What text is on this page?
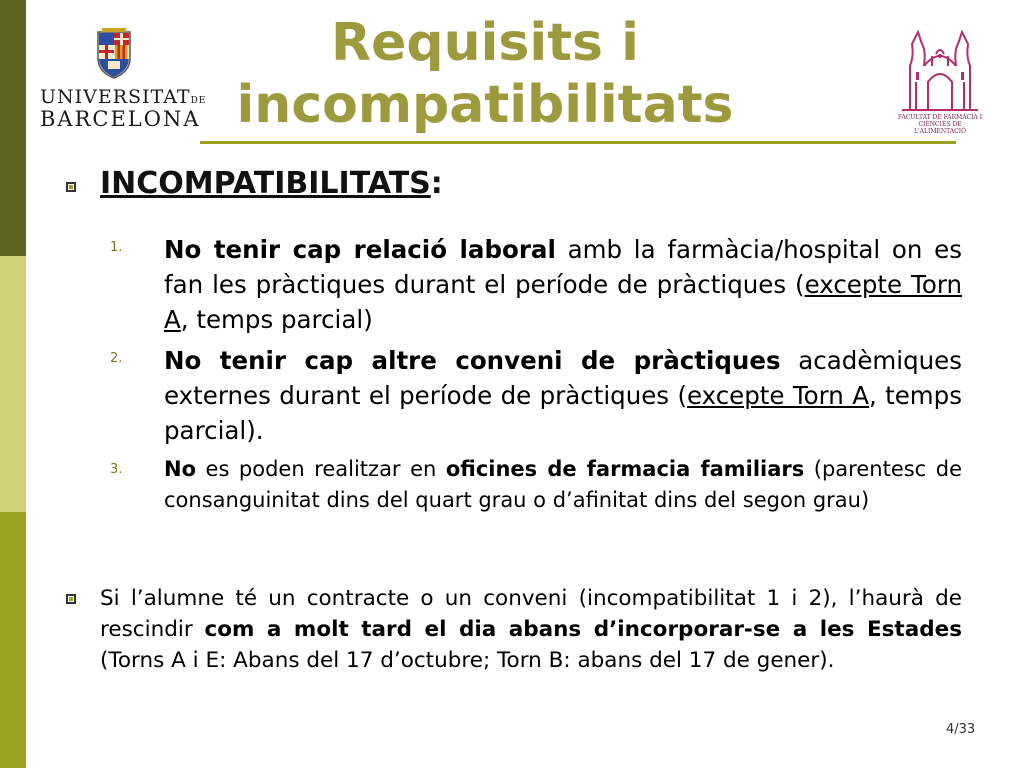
UNIVERSITATDE
BARCELONA
Requisits i
incompatibilitats	FACULTAT DE FARMÀCIA I
CIÈNCIES DE L'ALIMENTACIÓ
INCOMPATIBILITATS:
1. No tenir cap relació laboral amb la farmàcia/hospital on es fan les pràctiques durant el període de pràctiques (excepte Torn A, temps parcial)
2. No tenir cap altre conveni de pràctiques acadèmiques externes durant el període de pràctiques (excepte Torn A, temps parcial).
3. No es poden realitzar en oficines de farmacia familiars (parentesc de consanguinitat dins del quart grau o d’afinitat dins del segon grau)
Si l’alumne té un contracte o un conveni (incompatibilitat 1 i 2), l’haurà de rescindir com a molt tard el dia abans d’incorporar-se a les Estades (Torns A i E: Abans del 17 d’octubre; Torn B: abans del 17 de gener).
4/33
